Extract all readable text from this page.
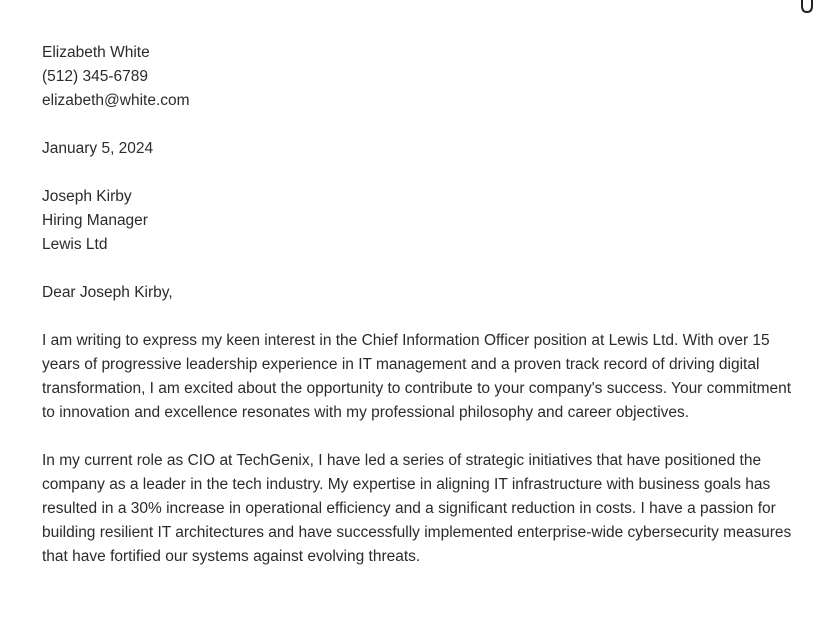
Elizabeth White
(512) 345-6789
elizabeth@white.com
January 5, 2024
Joseph Kirby
Hiring Manager
Lewis Ltd
Dear Joseph Kirby,

I am writing to express my keen interest in the Chief Information Officer position at Lewis Ltd. With over 15 years of progressive leadership experience in IT management and a proven track record of driving digital transformation, I am excited about the opportunity to contribute to your company's success. Your commitment to innovation and excellence resonates with my professional philosophy and career objectives.

In my current role as CIO at TechGenix, I have led a series of strategic initiatives that have positioned the company as a leader in the tech industry. My expertise in aligning IT infrastructure with business goals has resulted in a 30% increase in operational efficiency and a significant reduction in costs. I have a passion for building resilient IT architectures and have successfully implemented enterprise-wide cybersecurity measures that have fortified our systems against evolving threats.
